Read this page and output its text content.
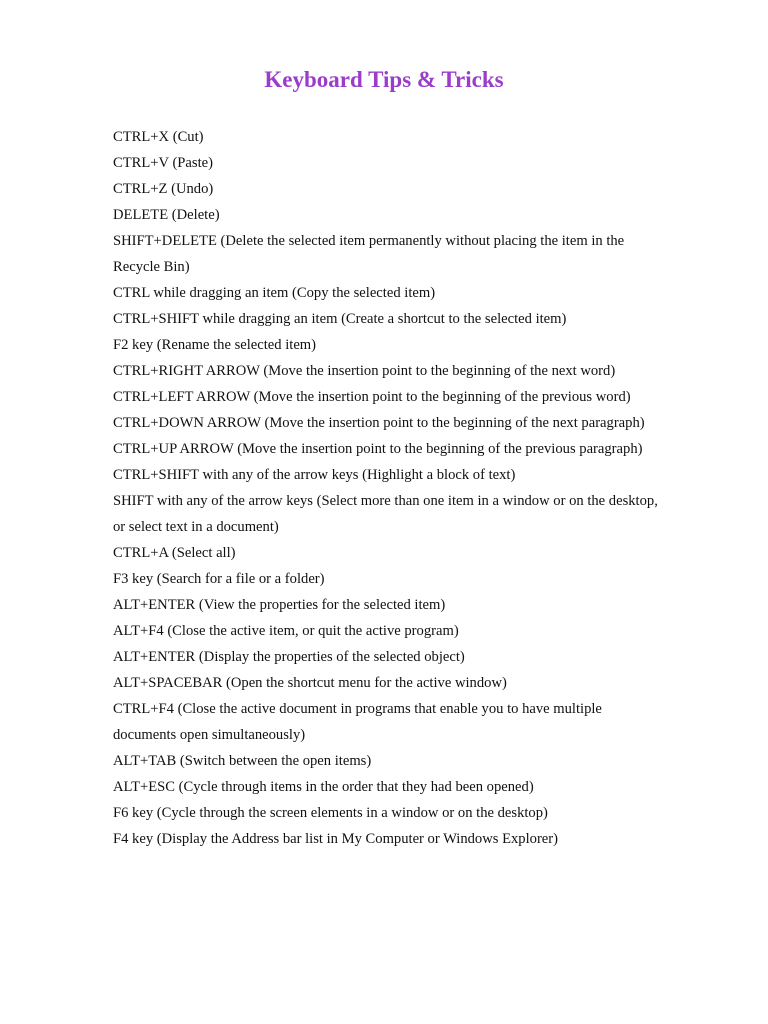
Keyboard Tips & Tricks
CTRL+X (Cut)
CTRL+V (Paste)
CTRL+Z (Undo)
DELETE (Delete)
SHIFT+DELETE (Delete the selected item permanently without placing the item in the Recycle Bin)
CTRL while dragging an item (Copy the selected item)
CTRL+SHIFT while dragging an item (Create a shortcut to the selected item)
F2 key (Rename the selected item)
CTRL+RIGHT ARROW (Move the insertion point to the beginning of the next word)
CTRL+LEFT ARROW (Move the insertion point to the beginning of the previous word)
CTRL+DOWN ARROW (Move the insertion point to the beginning of the next paragraph)
CTRL+UP ARROW (Move the insertion point to the beginning of the previous paragraph)
CTRL+SHIFT with any of the arrow keys (Highlight a block of text)
SHIFT with any of the arrow keys (Select more than one item in a window or on the desktop, or select text in a document)
CTRL+A (Select all)
F3 key (Search for a file or a folder)
ALT+ENTER (View the properties for the selected item)
ALT+F4 (Close the active item, or quit the active program)
ALT+ENTER (Display the properties of the selected object)
ALT+SPACEBAR (Open the shortcut menu for the active window)
CTRL+F4 (Close the active document in programs that enable you to have multiple documents open simultaneously)
ALT+TAB (Switch between the open items)
ALT+ESC (Cycle through items in the order that they had been opened)
F6 key (Cycle through the screen elements in a window or on the desktop)
F4 key (Display the Address bar list in My Computer or Windows Explorer)
